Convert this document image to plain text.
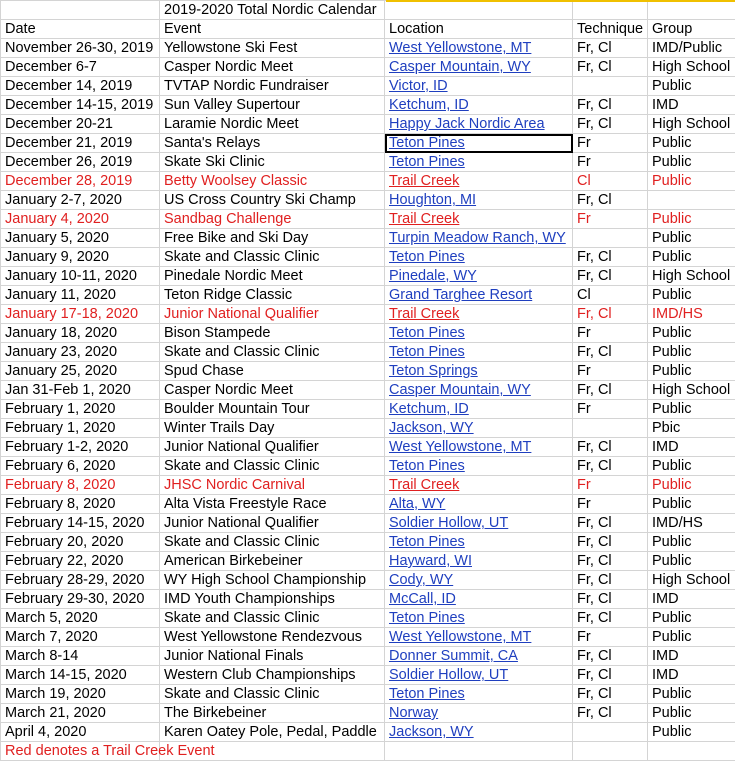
	2019-2020 Total Nordic Calendar			
Date	Event	Location	Technique	Group
November 26-30, 2019	Yellowstone Ski Fest	West Yellowstone, MT	Fr, Cl	IMD/Public
December 6-7	Casper Nordic Meet	Casper Mountain, WY	Fr, Cl	High School
December 14, 2019	TVTAP Nordic Fundraiser	Victor, ID		Public
December 14-15, 2019	Sun Valley Supertour	Ketchum, ID	Fr, Cl	IMD
December 20-21	Laramie Nordic Meet	Happy Jack Nordic Area	Fr, Cl	High School
December 21, 2019	Santa's Relays	Teton Pines	Fr	Public
December 26, 2019	Skate Ski Clinic	Teton Pines	Fr	Public
December 28, 2019	Betty Woolsey Classic	Trail Creek	Cl	Public
January 2-7, 2020	US Cross Country Ski Champ	Houghton, MI	Fr, Cl	
January 4, 2020	Sandbag Challenge	Trail Creek	Fr	Public
January 5, 2020	Free Bike and Ski Day	Turpin Meadow Ranch, WY		Public
January 9, 2020	Skate and Classic Clinic	Teton Pines	Fr, Cl	Public
January 10-11, 2020	Pinedale Nordic Meet	Pinedale, WY	Fr, Cl	High School
January 11, 2020	Teton Ridge Classic	Grand Targhee Resort	Cl	Public
January 17-18, 2020	Junior National Qualifier	Trail Creek	Fr, Cl	IMD/HS
January 18, 2020	Bison Stampede	Teton Pines	Fr	Public
January 23, 2020	Skate and Classic Clinic	Teton Pines	Fr, Cl	Public
January 25, 2020	Spud Chase	Teton Springs	Fr	Public
Jan 31-Feb 1, 2020	Casper Nordic Meet	Casper Mountain, WY	Fr, Cl	High School
February 1, 2020	Boulder Mountain Tour	Ketchum, ID	Fr	Public
February 1, 2020	Winter Trails Day	Jackson, WY		Pbic
February 1-2, 2020	Junior National Qualifier	West Yellowstone, MT	Fr, Cl	IMD
February 6, 2020	Skate and Classic Clinic	Teton Pines	Fr, Cl	Public
February 8, 2020	JHSC Nordic Carnival	Trail Creek	Fr	Public
February 8, 2020	Alta Vista Freestyle Race	Alta, WY	Fr	Public
February 14-15, 2020	Junior National Qualifier	Soldier Hollow, UT	Fr, Cl	IMD/HS
February 20, 2020	Skate and Classic Clinic	Teton Pines	Fr, Cl	Public
February 22, 2020	American Birkebeiner	Hayward, WI	Fr, Cl	Public
February 28-29, 2020	WY High School Championship	Cody, WY	Fr, Cl	High School
February 29-30, 2020	IMD Youth Championships	McCall, ID	Fr, Cl	IMD
March 5, 2020	Skate and Classic Clinic	Teton Pines	Fr, Cl	Public
March 7, 2020	West Yellowstone Rendezvous	West Yellowstone, MT	Fr	Public
March 8-14	Junior National Finals	Donner Summit, CA	Fr, Cl	IMD
March 14-15, 2020	Western Club Championships	Soldier Hollow, UT	Fr, Cl	IMD
March 19, 2020	Skate and Classic Clinic	Teton Pines	Fr, Cl	Public
March 21, 2020	The Birkebeiner	Norway	Fr, Cl	Public
April 4, 2020	Karen Oatey Pole, Pedal, Paddle	Jackson, WY		Public
Red denotes a Trail Creek Event				
